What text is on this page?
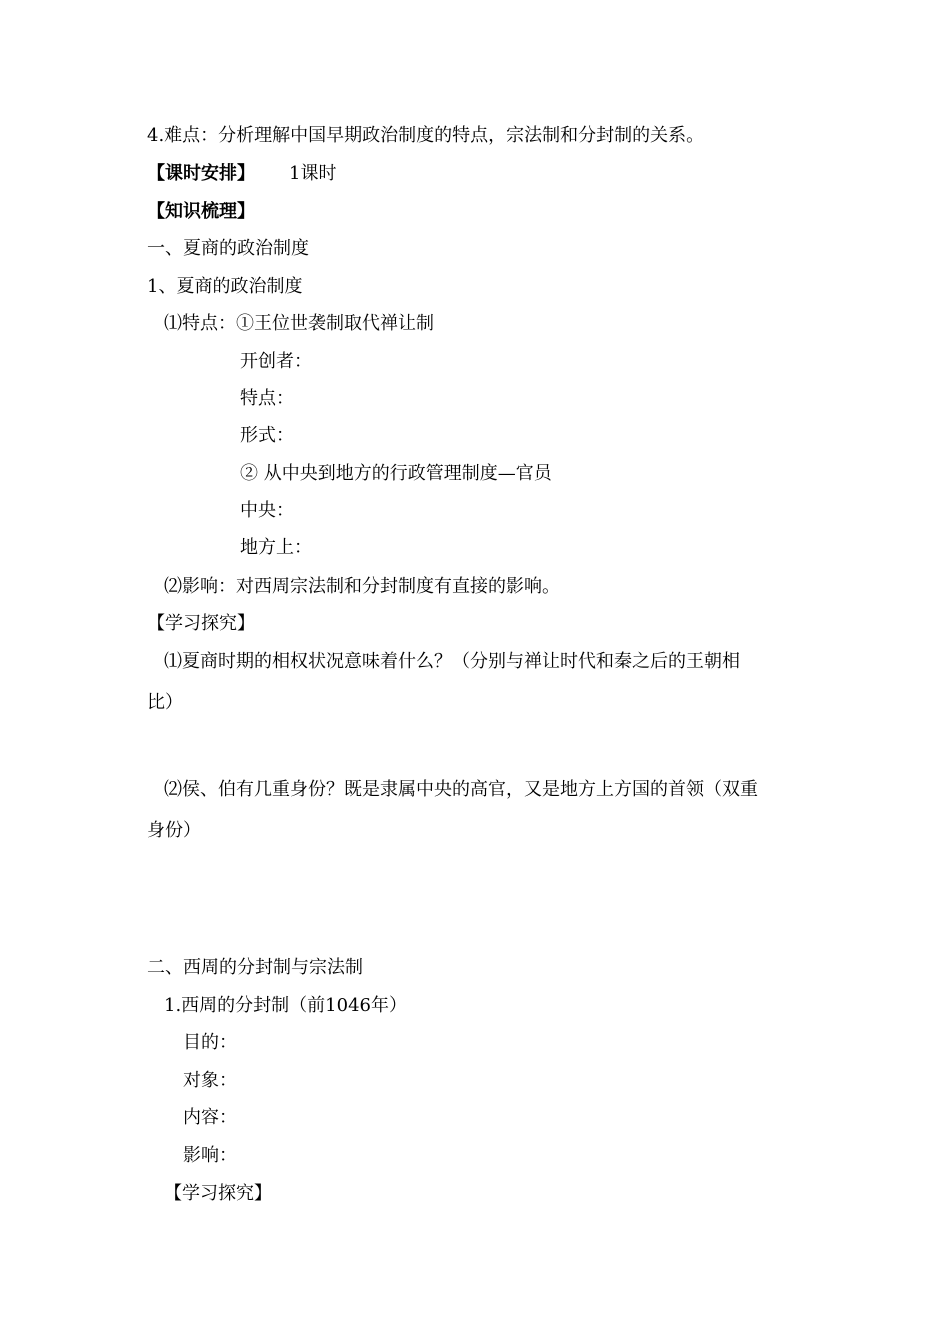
4.难点：分析理解中国早期政治制度的特点，宗法制和分封制的关系。
【课时安排】 1课时
【知识梳理】
一、夏商的政治制度
1、夏商的政治制度
⑴特点：①王位世袭制取代禅让制
开创者：
特点：
形式：
② 从中央到地方的行政管理制度—官员
中央：
地方上：
⑵影响：对西周宗法制和分封制度有直接的影响。
【学习探究】
⑴夏商时期的相权状况意味着什么？（分别与禅让时代和秦之后的王朝相
比）
⑵侯、伯有几重身份？既是隶属中央的高官，又是地方上方国的首领（双重
身份）
二、西周的分封制与宗法制
1.西周的分封制（前1046年）
目的：
对象：
内容：
影响：
【学习探究】
